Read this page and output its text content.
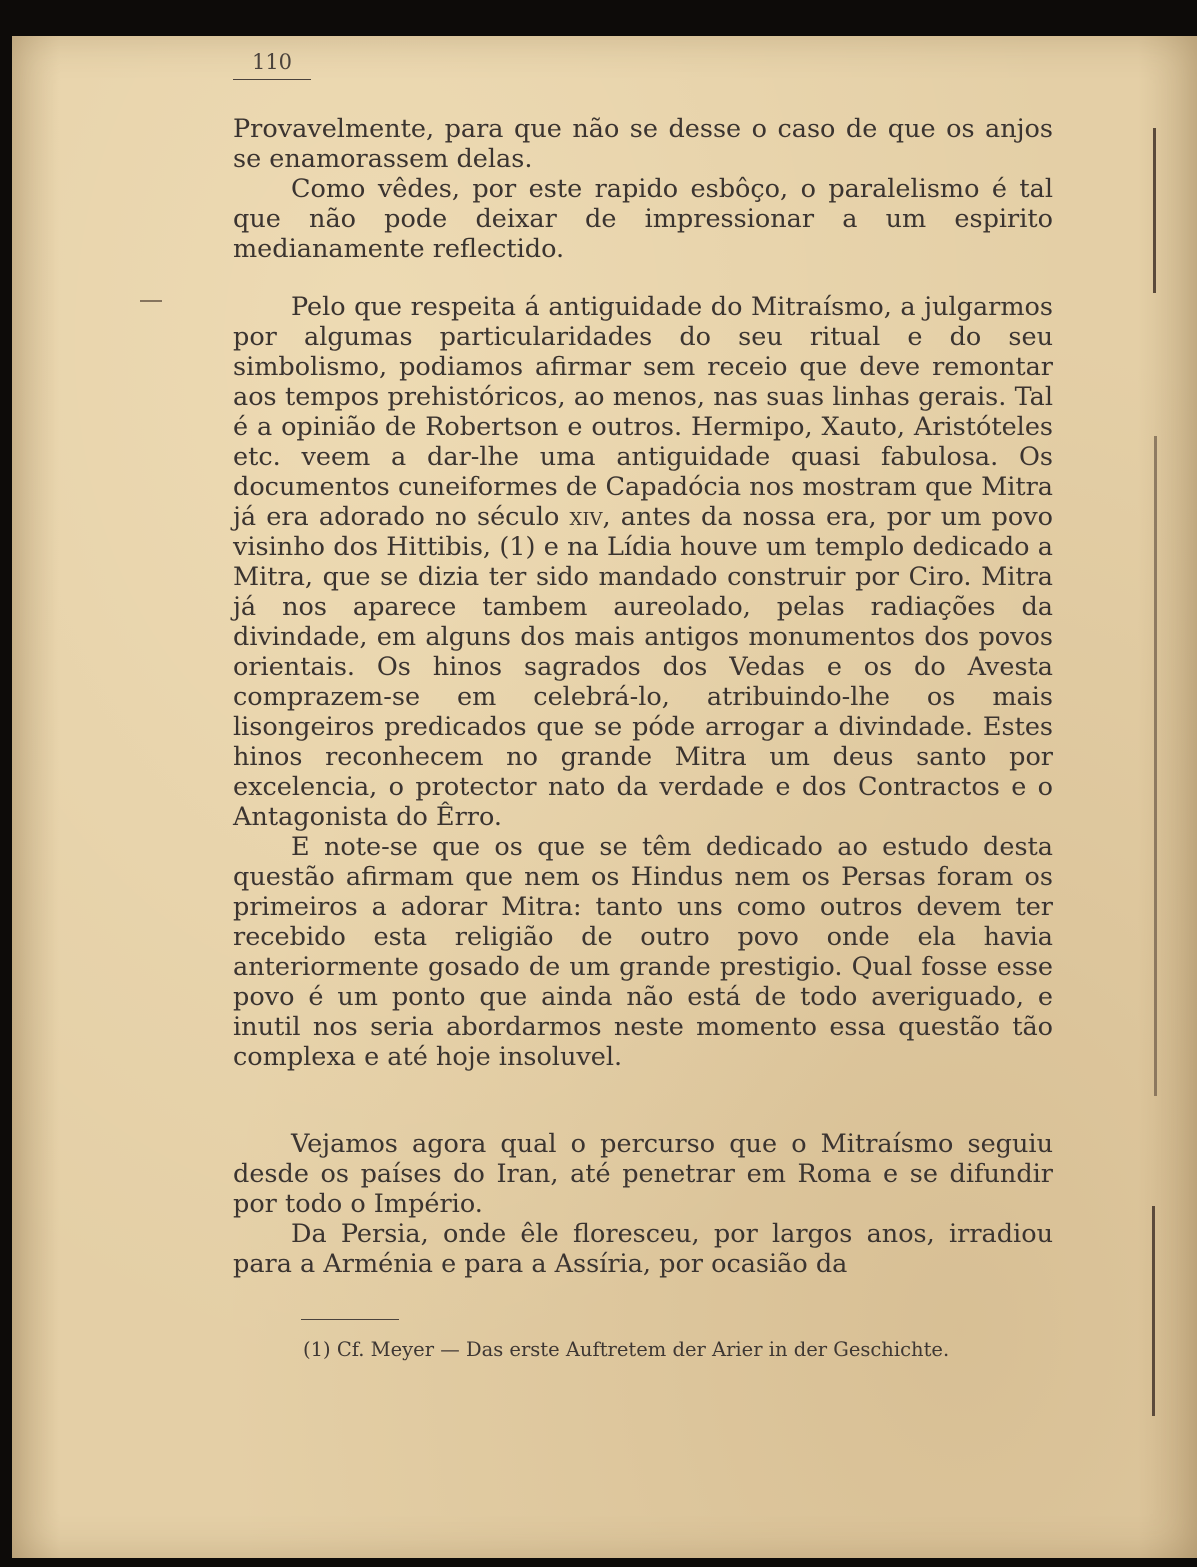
110

Provavelmente, para que não se desse o caso de que os anjos se enamorassem delas.

Como vêdes, por este rapido esbôço, o paralelismo é tal que não pode deixar de impressionar a um espirito medianamente reflectido.

Pelo que respeita á antiguidade do Mitraísmo, a julgarmos por algumas particularidades do seu ritual e do seu simbolismo, podiamos afirmar sem receio que deve remontar aos tempos prehistóricos, ao menos, nas suas linhas gerais. Tal é a opinião de Robertson e outros. Hermipo, Xauto, Aristóteles etc. veem a dar-lhe uma antiguidade quasi fabulosa. Os documentos cuneiformes de Capadócia nos mostram que Mitra já era adorado no século xiv, antes da nossa era, por um povo visinho dos Hittibis, (1) e na Lídia houve um templo dedicado a Mitra, que se dizia ter sido mandado construir por Ciro. Mitra já nos aparece tambem aureolado, pelas radiações da divindade, em alguns dos mais antigos monumentos dos povos orientais. Os hinos sagrados dos Vedas e os do Avesta comprazem-se em celebrá-lo, atribuindo-lhe os mais lisongeiros predicados que se póde arrogar a divindade. Estes hinos reconhecem no grande Mitra um deus santo por excelencia, o protector nato da verdade e dos Contractos e o Antagonista do Êrro.

E note-se que os que se têm dedicado ao estudo desta questão afirmam que nem os Hindus nem os Persas foram os primeiros a adorar Mitra: tanto uns como outros devem ter recebido esta religião de outro povo onde ela havia anteriormente gosado de um grande prestigio. Qual fosse esse povo é um ponto que ainda não está de todo averiguado, e inutil nos seria abordarmos neste momento essa questão tão complexa e até hoje insoluvel.

Vejamos agora qual o percurso que o Mitraísmo seguiu desde os países do Iran, até penetrar em Roma e se difundir por todo o Império.

Da Persia, onde êle floresceu, por largos anos, irradiou para a Arménia e para a Assíria, por ocasião da

(1) Cf. Meyer — Das erste Auftretem der Arier in der Geschichte.
